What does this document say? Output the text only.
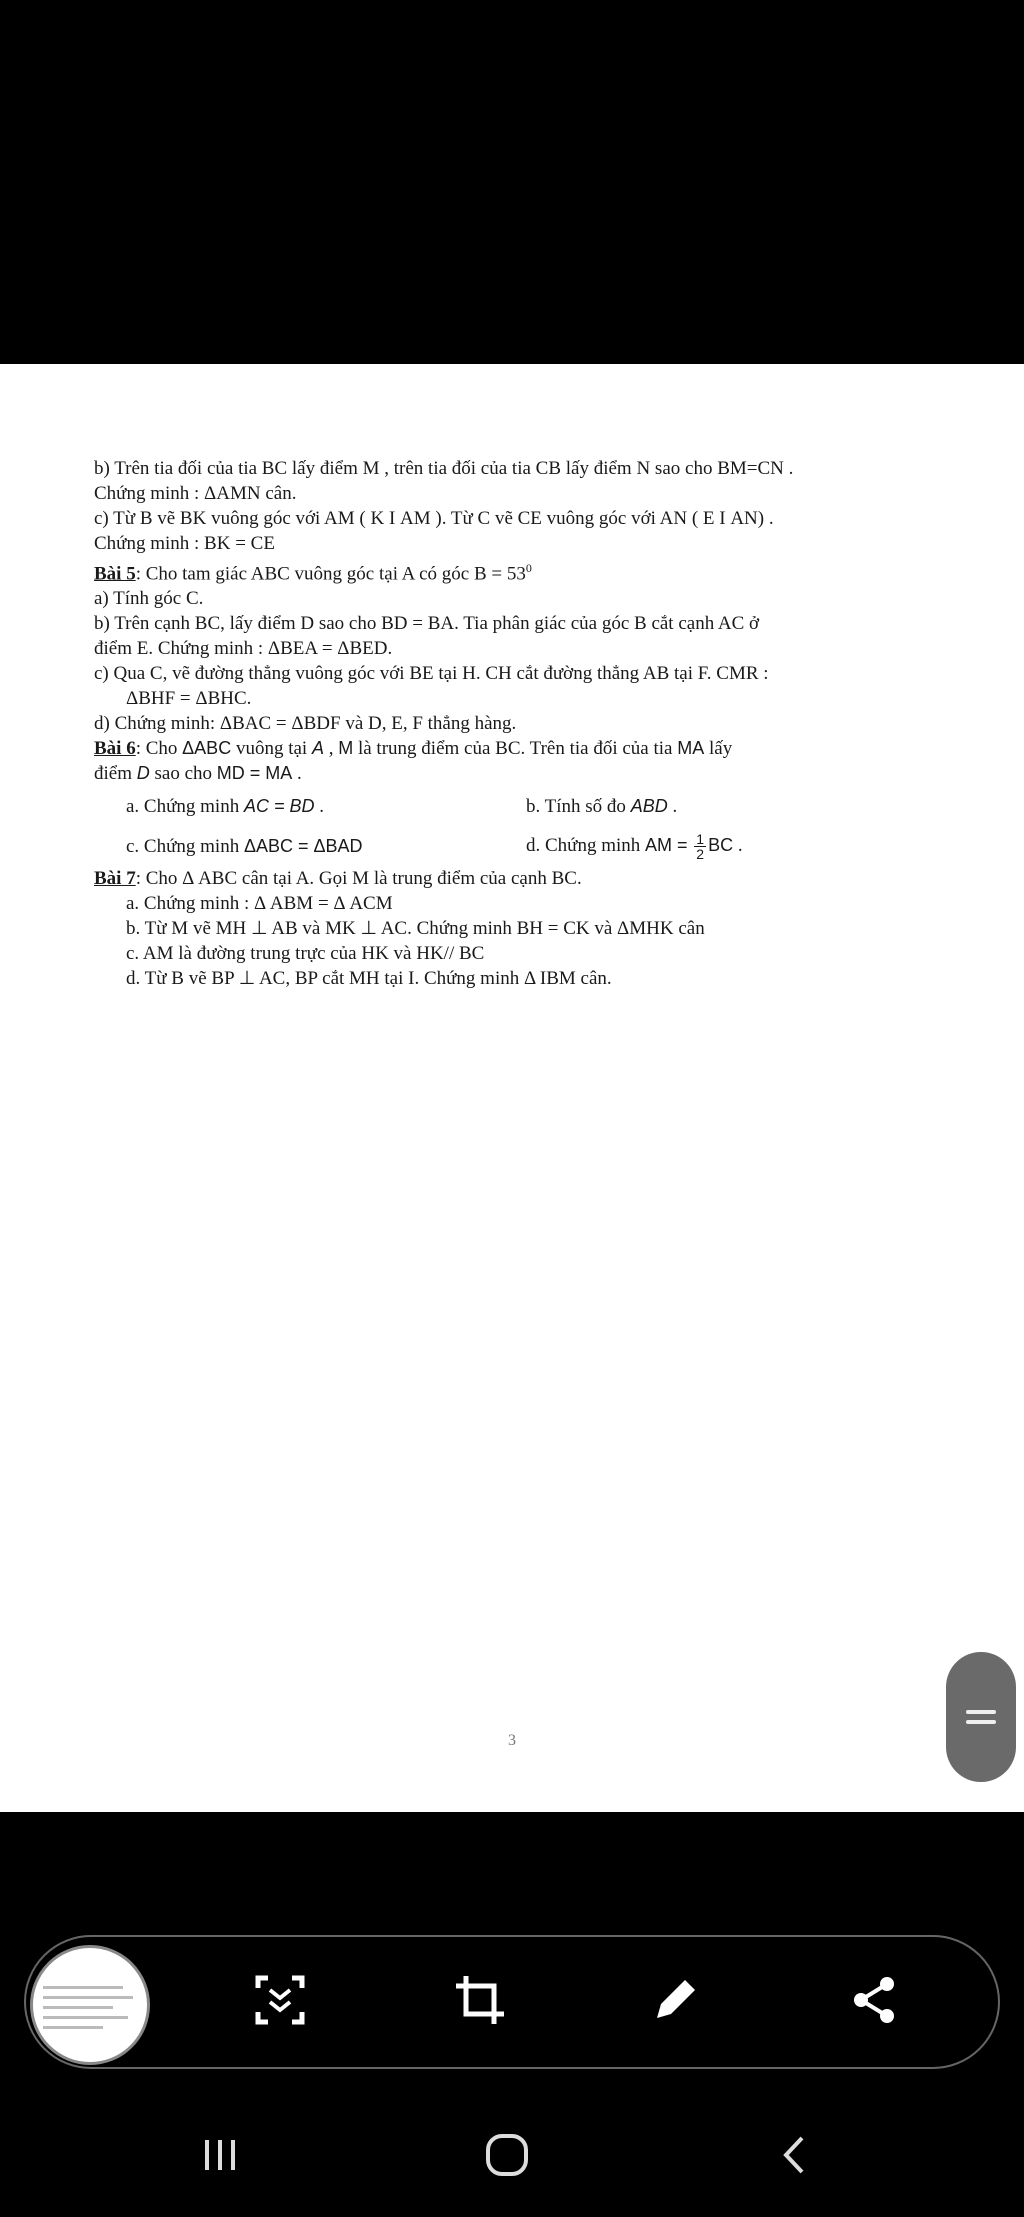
b) Trên tia đối của tia BC lấy điểm M , trên tia đối của tia CB lấy điểm N sao cho BM=CN .
Chứng minh : ΔAMN cân.
c) Từ B vẽ BK vuông góc với AM ( K Ι AM ). Từ C vẽ CE vuông góc với AN ( E Ι AN) .
Chứng minh : BK = CE
Bài 5: Cho tam giác ABC vuông góc tại A có góc $B = 53^0$
a) Tính góc C.
b) Trên cạnh BC, lấy điểm D sao cho BD = BA. Tia phân giác của góc B cắt cạnh AC ở
điểm E. Chứng minh : ΔBEA = ΔBED.
c) Qua C, vẽ đường thẳng vuông góc với BE tại H. CH cắt đường thẳng AB tại F. CMR :
ΔBHF = ΔBHC.
d) Chứng minh: ΔBAC = ΔBDF và D, E, F thẳng hàng.
Bài 6: Cho ΔABC vuông tại A , M là trung điểm của BC. Trên tia đối của tia MA lấy
điểm D sao cho MD = MA .
a. Chứng minh AC = BD .	b. Tính số đo ABD .
c. Chứng minh ΔABC = ΔBAD	d. Chứng minh AM = $\frac{1}{2}$ BC .
Bài 7: Cho Δ ABC cân tại A. Gọi M là trung điểm của cạnh BC.
a. Chứng minh : Δ ABM = Δ ACM
b. Từ M vẽ MH ⊥ AB và MK ⊥ AC. Chứng minh BH = CK và ΔMHK cân
c. AM là đường trung trực của HK và HK// BC
d. Từ B vẽ BP ⊥ AC, BP cắt MH tại I. Chứng minh Δ IBM cân.
3
